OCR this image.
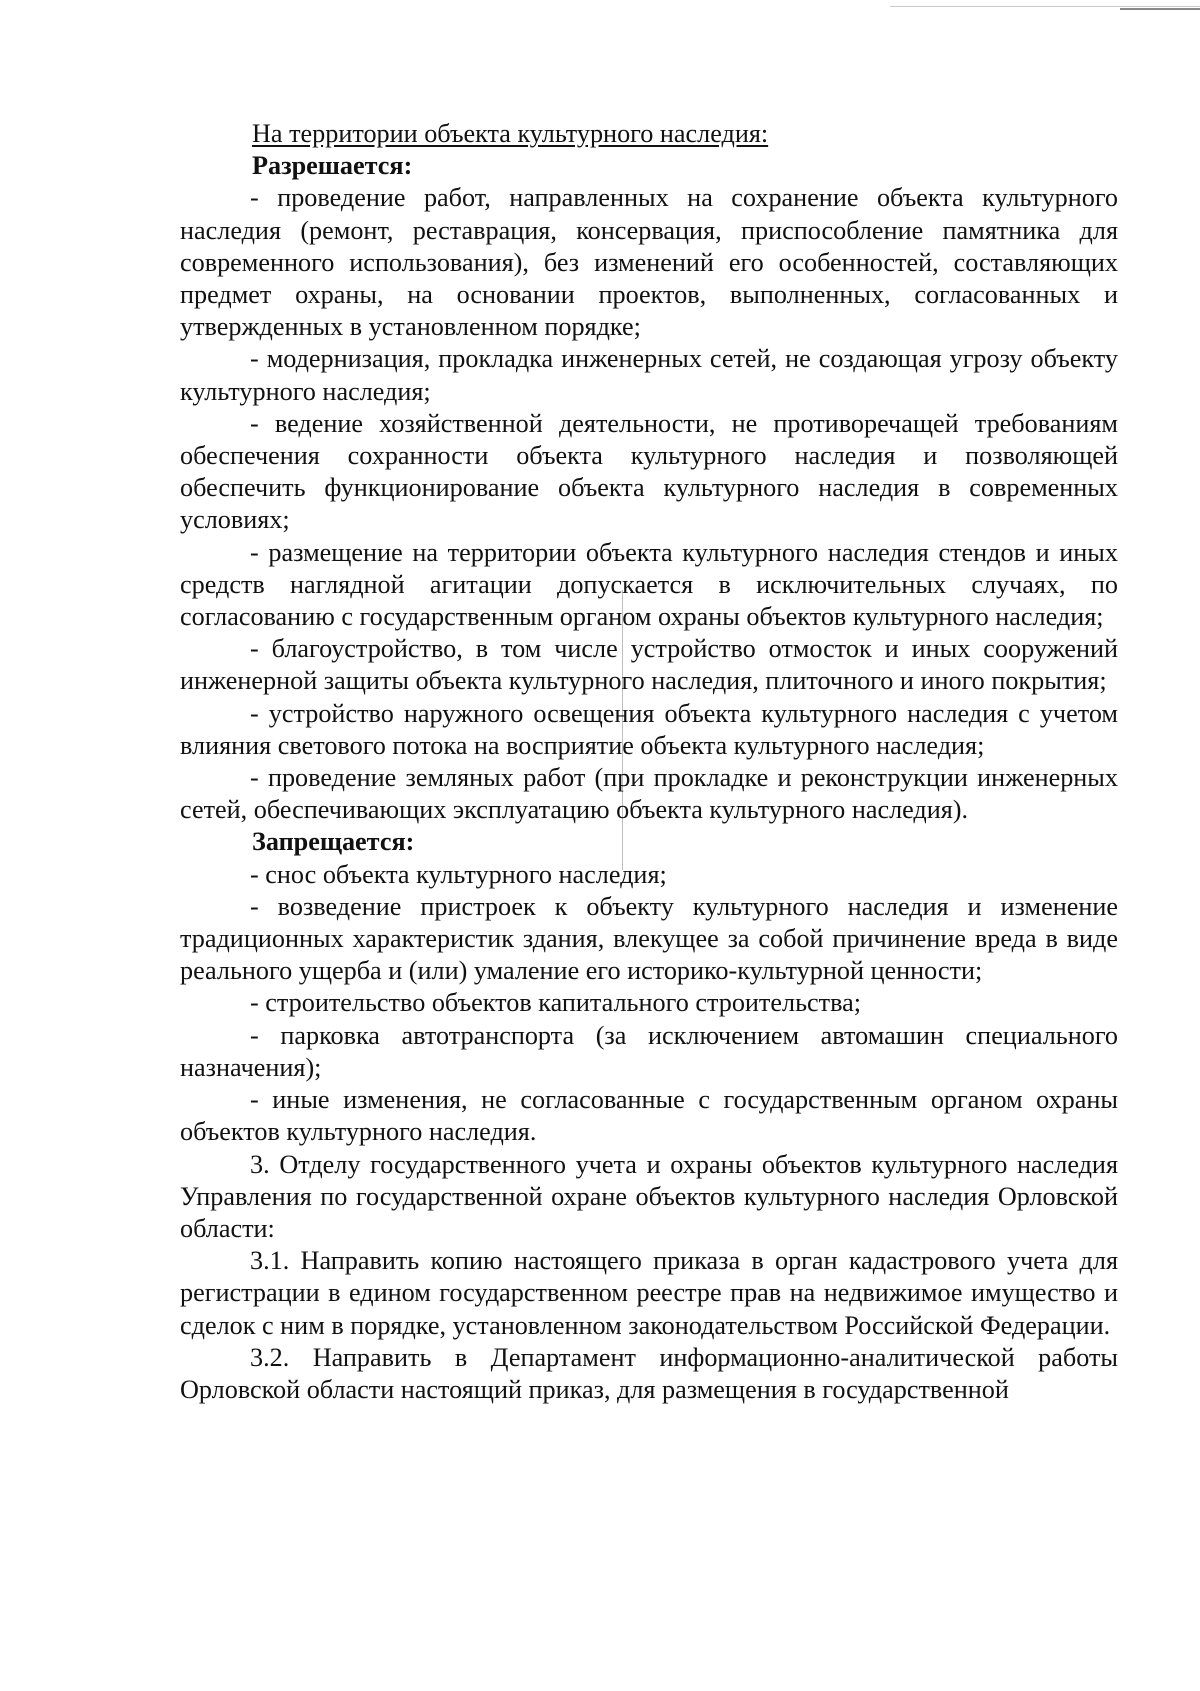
На территории объекта культурного наследия:

Разрешается:

- проведение работ, направленных на сохранение объекта культурного наследия (ремонт, реставрация, консервация, приспособление памятника для современного использования), без изменений его особенностей, составляющих предмет охраны, на основании проектов, выполненных, согласованных и утвержденных в установленном порядке;

- модернизация, прокладка инженерных сетей, не создающая угрозу объекту культурного наследия;

- ведение хозяйственной деятельности, не противоречащей требованиям обеспечения сохранности объекта культурного наследия и позволяющей обеспечить функционирование объекта культурного наследия в современных условиях;

- размещение на территории объекта культурного наследия стендов и иных средств наглядной агитации допускается в исключительных случаях, по согласованию с государственным органом охраны объектов культурного наследия;

- благоустройство, в том числе устройство отмосток и иных сооружений инженерной защиты объекта культурного наследия, плиточного и иного покрытия;

- устройство наружного освещения объекта культурного наследия с учетом влияния светового потока на восприятие объекта культурного наследия;

- проведение земляных работ (при прокладке и реконструкции инженерных сетей, обеспечивающих эксплуатацию объекта культурного наследия).

Запрещается:

- снос объекта культурного наследия;

- возведение пристроек к объекту культурного наследия и изменение традиционных характеристик здания, влекущее за собой причинение вреда в виде реального ущерба и (или) умаление его историко-культурной ценности;

- строительство объектов капитального строительства;

- парковка автотранспорта (за исключением автомашин специального назначения);

- иные изменения, не согласованные с государственным органом охраны объектов культурного наследия.

3. Отделу государственного учета и охраны объектов культурного наследия Управления по государственной охране объектов культурного наследия Орловской области:

3.1. Направить копию настоящего приказа в орган кадастрового учета для регистрации в едином государственном реестре прав на недвижимое имущество и сделок с ним в порядке, установленном законодательством Российской Федерации.

3.2. Направить в Департамент информационно-аналитической работы Орловской области настоящий приказ, для размещения в государственной
